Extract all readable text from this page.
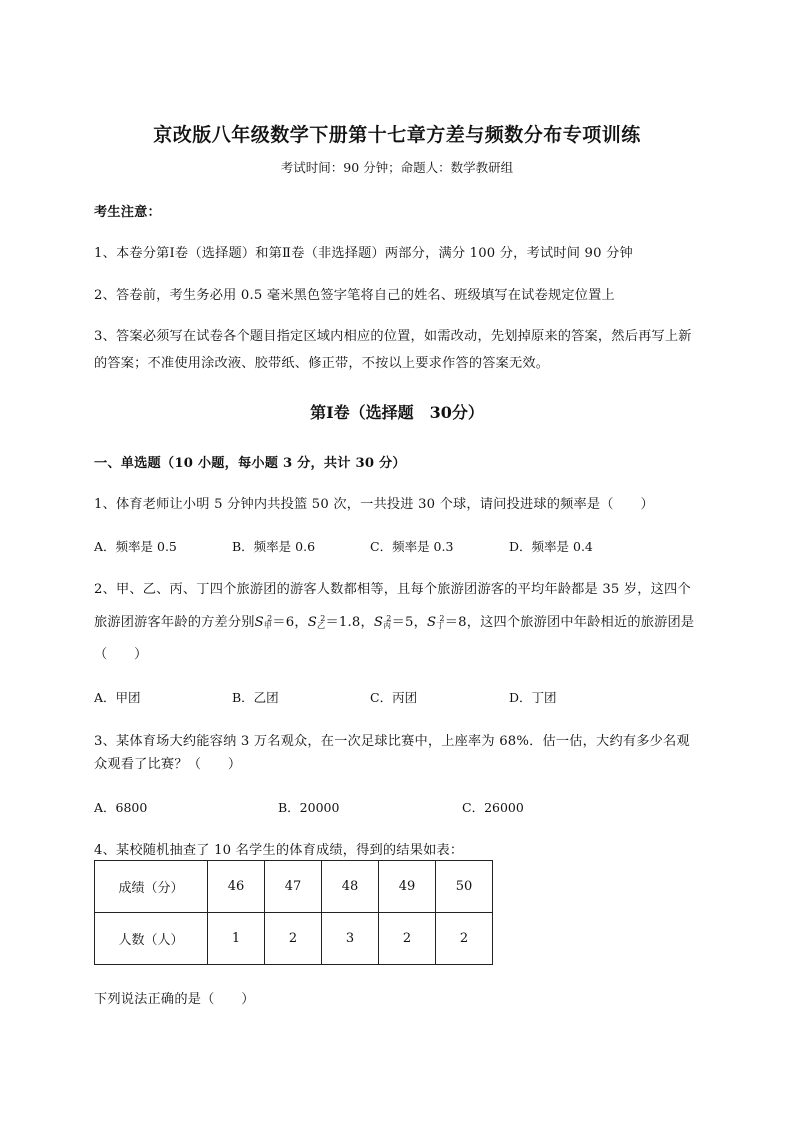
京改版八年级数学下册第十七章方差与频数分布专项训练
考试时间：90 分钟；命题人：数学教研组
考生注意：
1、本卷分第Ⅰ卷（选择题）和第Ⅱ卷（非选择题）两部分，满分 100 分，考试时间 90 分钟
2、答卷前，考生务必用 0.5 毫米黑色签字笔将自己的姓名、班级填写在试卷规定位置上
3、答案必须写在试卷各个题目指定区域内相应的位置，如需改动，先划掉原来的答案，然后再写上新
的答案；不准使用涂改液、胶带纸、修正带，不按以上要求作答的答案无效。
第Ⅰ卷（选择题　30分）
一、单选题（10 小题，每小题 3 分，共计 30 分）
1、体育老师让小明 5 分钟内共投篮 50 次，一共投进 30 个球，请问投进球的频率是（　　）
A．频率是 0.5	B．频率是 0.6	C．频率是 0.3	D．频率是 0.4
2、甲、乙、丙、丁四个旅游团的游客人数都相等，且每个旅游团游客的平均年龄都是 35 岁，这四个
旅游团游客年龄的方差分别$S_甲^2=6$，$S_乙^2=1.8$，$S_丙^2=5$，$S_丁^2=8$，这四个旅游团中年龄相近的旅游团是
（　　）
A．甲团	B．乙团	C．丙团	D．丁团
3、某体育场大约能容纳 3 万名观众，在一次足球比赛中，上座率为 68%．估一估，大约有多少名观
众观看了比赛？（　　）
A．6800	B．20000	C．26000
4、某校随机抽查了 10 名学生的体育成绩，得到的结果如表：
成绩（分）	46	47	48	49	50
人数（人）	1	2	3	2	2
下列说法正确的是（　　）
